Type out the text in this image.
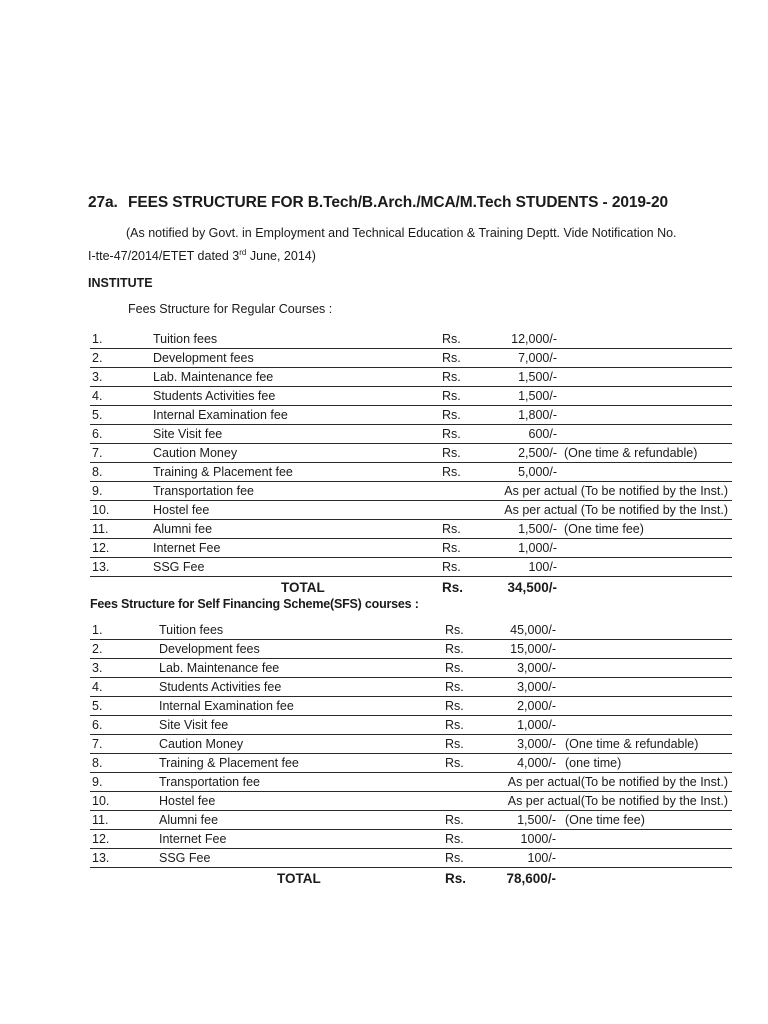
27a. FEES STRUCTURE FOR B.Tech/B.Arch./MCA/M.Tech STUDENTS - 2019-20
(As notified by Govt. in Employment and Technical Education & Training Deptt. Vide Notification No.
I-tte-47/2014/ETET dated 3rd June, 2014)
INSTITUTE
Fees Structure for Regular Courses :
1.	Tuition fees	Rs.	12,000/-
2.	Development fees	Rs.	7,000/-
3.	Lab. Maintenance fee	Rs.	1,500/-
4.	Students Activities fee	Rs.	1,500/-
5.	Internal Examination fee	Rs.	1,800/-
6.	Site Visit fee	Rs.	600/-
7.	Caution Money	Rs.	2,500/- (One time & refundable)
8.	Training & Placement fee	Rs.	5,000/-
9.	Transportation fee	As per actual (To be notified by the Inst.)
10.	Hostel fee	As per actual (To be notified by the Inst.)
11.	Alumni fee	Rs.	1,500/- (One time fee)
12.	Internet Fee	Rs.	1,000/-
13.	SSG Fee	Rs.	100/-
TOTAL	Rs.	34,500/-
Fees Structure for Self Financing Scheme(SFS) courses :
1.	Tuition fees	Rs.	45,000/-
2.	Development fees	Rs.	15,000/-
3.	Lab. Maintenance fee	Rs.	3,000/-
4.	Students Activities fee	Rs.	3,000/-
5.	Internal Examination fee	Rs.	2,000/-
6.	Site Visit fee	Rs.	1,000/-
7.	Caution Money	Rs.	3,000/- (One time & refundable)
8.	Training & Placement fee	Rs.	4,000/- (one time)
9.	Transportation fee	As per actual(To be notified by the Inst.)
10.	Hostel fee	As per actual(To be notified by the Inst.)
11.	Alumni fee	Rs.	1,500/- (One time fee)
12.	Internet Fee	Rs.	1000/-
13.	SSG Fee	Rs.	100/-
TOTAL	Rs.	78,600/-
